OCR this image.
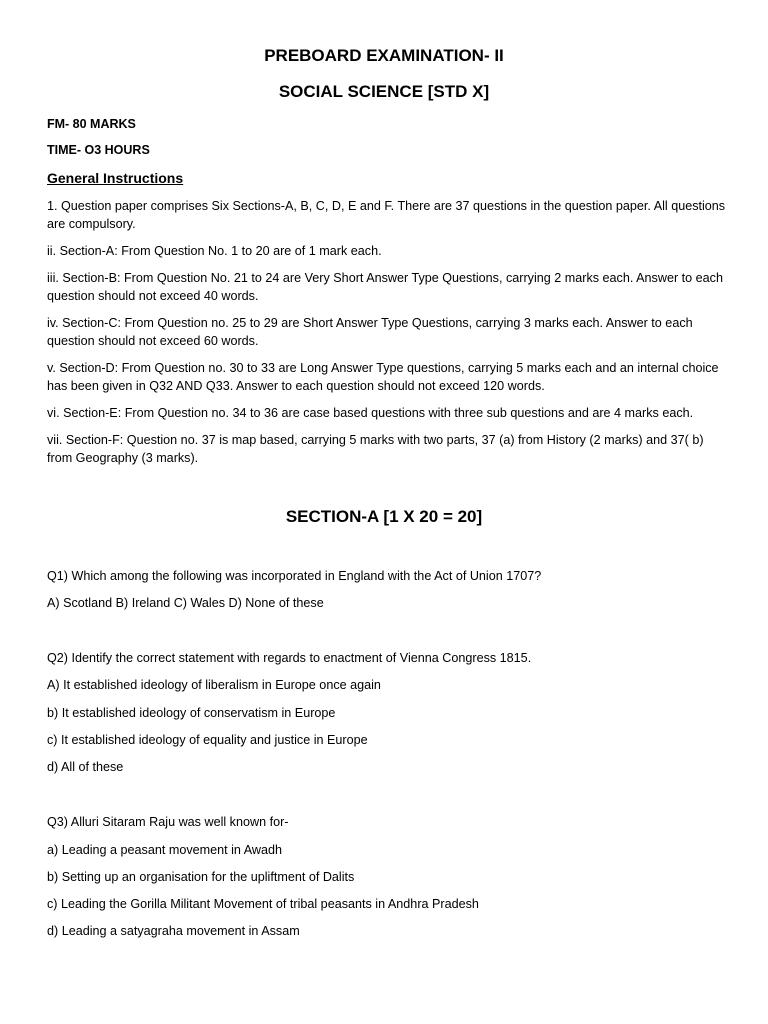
PREBOARD EXAMINATION- II

SOCIAL SCIENCE [STD X]

FM- 80 MARKS

TIME- O3 HOURS

General Instructions

1. Question paper comprises Six Sections-A, B, C, D, E and F. There are 37 questions in the question paper. All questions are compulsory.

ii. Section-A: From Question No. 1 to 20 are of 1 mark each.

iii. Section-B: From Question No. 21 to 24 are Very Short Answer Type Questions, carrying 2 marks each. Answer to each question should not exceed 40 words.

iv. Section-C: From Question no. 25 to 29 are Short Answer Type Questions, carrying 3 marks each. Answer to each question should not exceed 60 words.

v. Section-D: From Question no. 30 to 33 are Long Answer Type questions, carrying 5 marks each and an internal choice has been given in Q32 AND Q33. Answer to each question should not exceed 120 words.

vi. Section-E: From Question no. 34 to 36 are case based questions with three sub questions and are 4 marks each.

vii. Section-F: Question no. 37 is map based, carrying 5 marks with two parts, 37 (a) from History (2 marks) and 37( b) from Geography (3 marks).

SECTION-A [1 X 20 = 20]

Q1) Which among the following was incorporated in England with the Act of Union 1707?

A) Scotland B) Ireland C) Wales D) None of these

Q2) Identify the correct statement with regards to enactment of Vienna Congress 1815.

A) It established ideology of liberalism in Europe once again

b) It established ideology of conservatism in Europe

c) It established ideology of equality and justice in Europe

d) All of these

Q3) Alluri Sitaram Raju was well known for-

a) Leading a peasant movement in Awadh

b) Setting up an organisation for the upliftment of Dalits

c) Leading the Gorilla Militant Movement of tribal peasants in Andhra Pradesh

d) Leading a satyagraha movement in Assam
